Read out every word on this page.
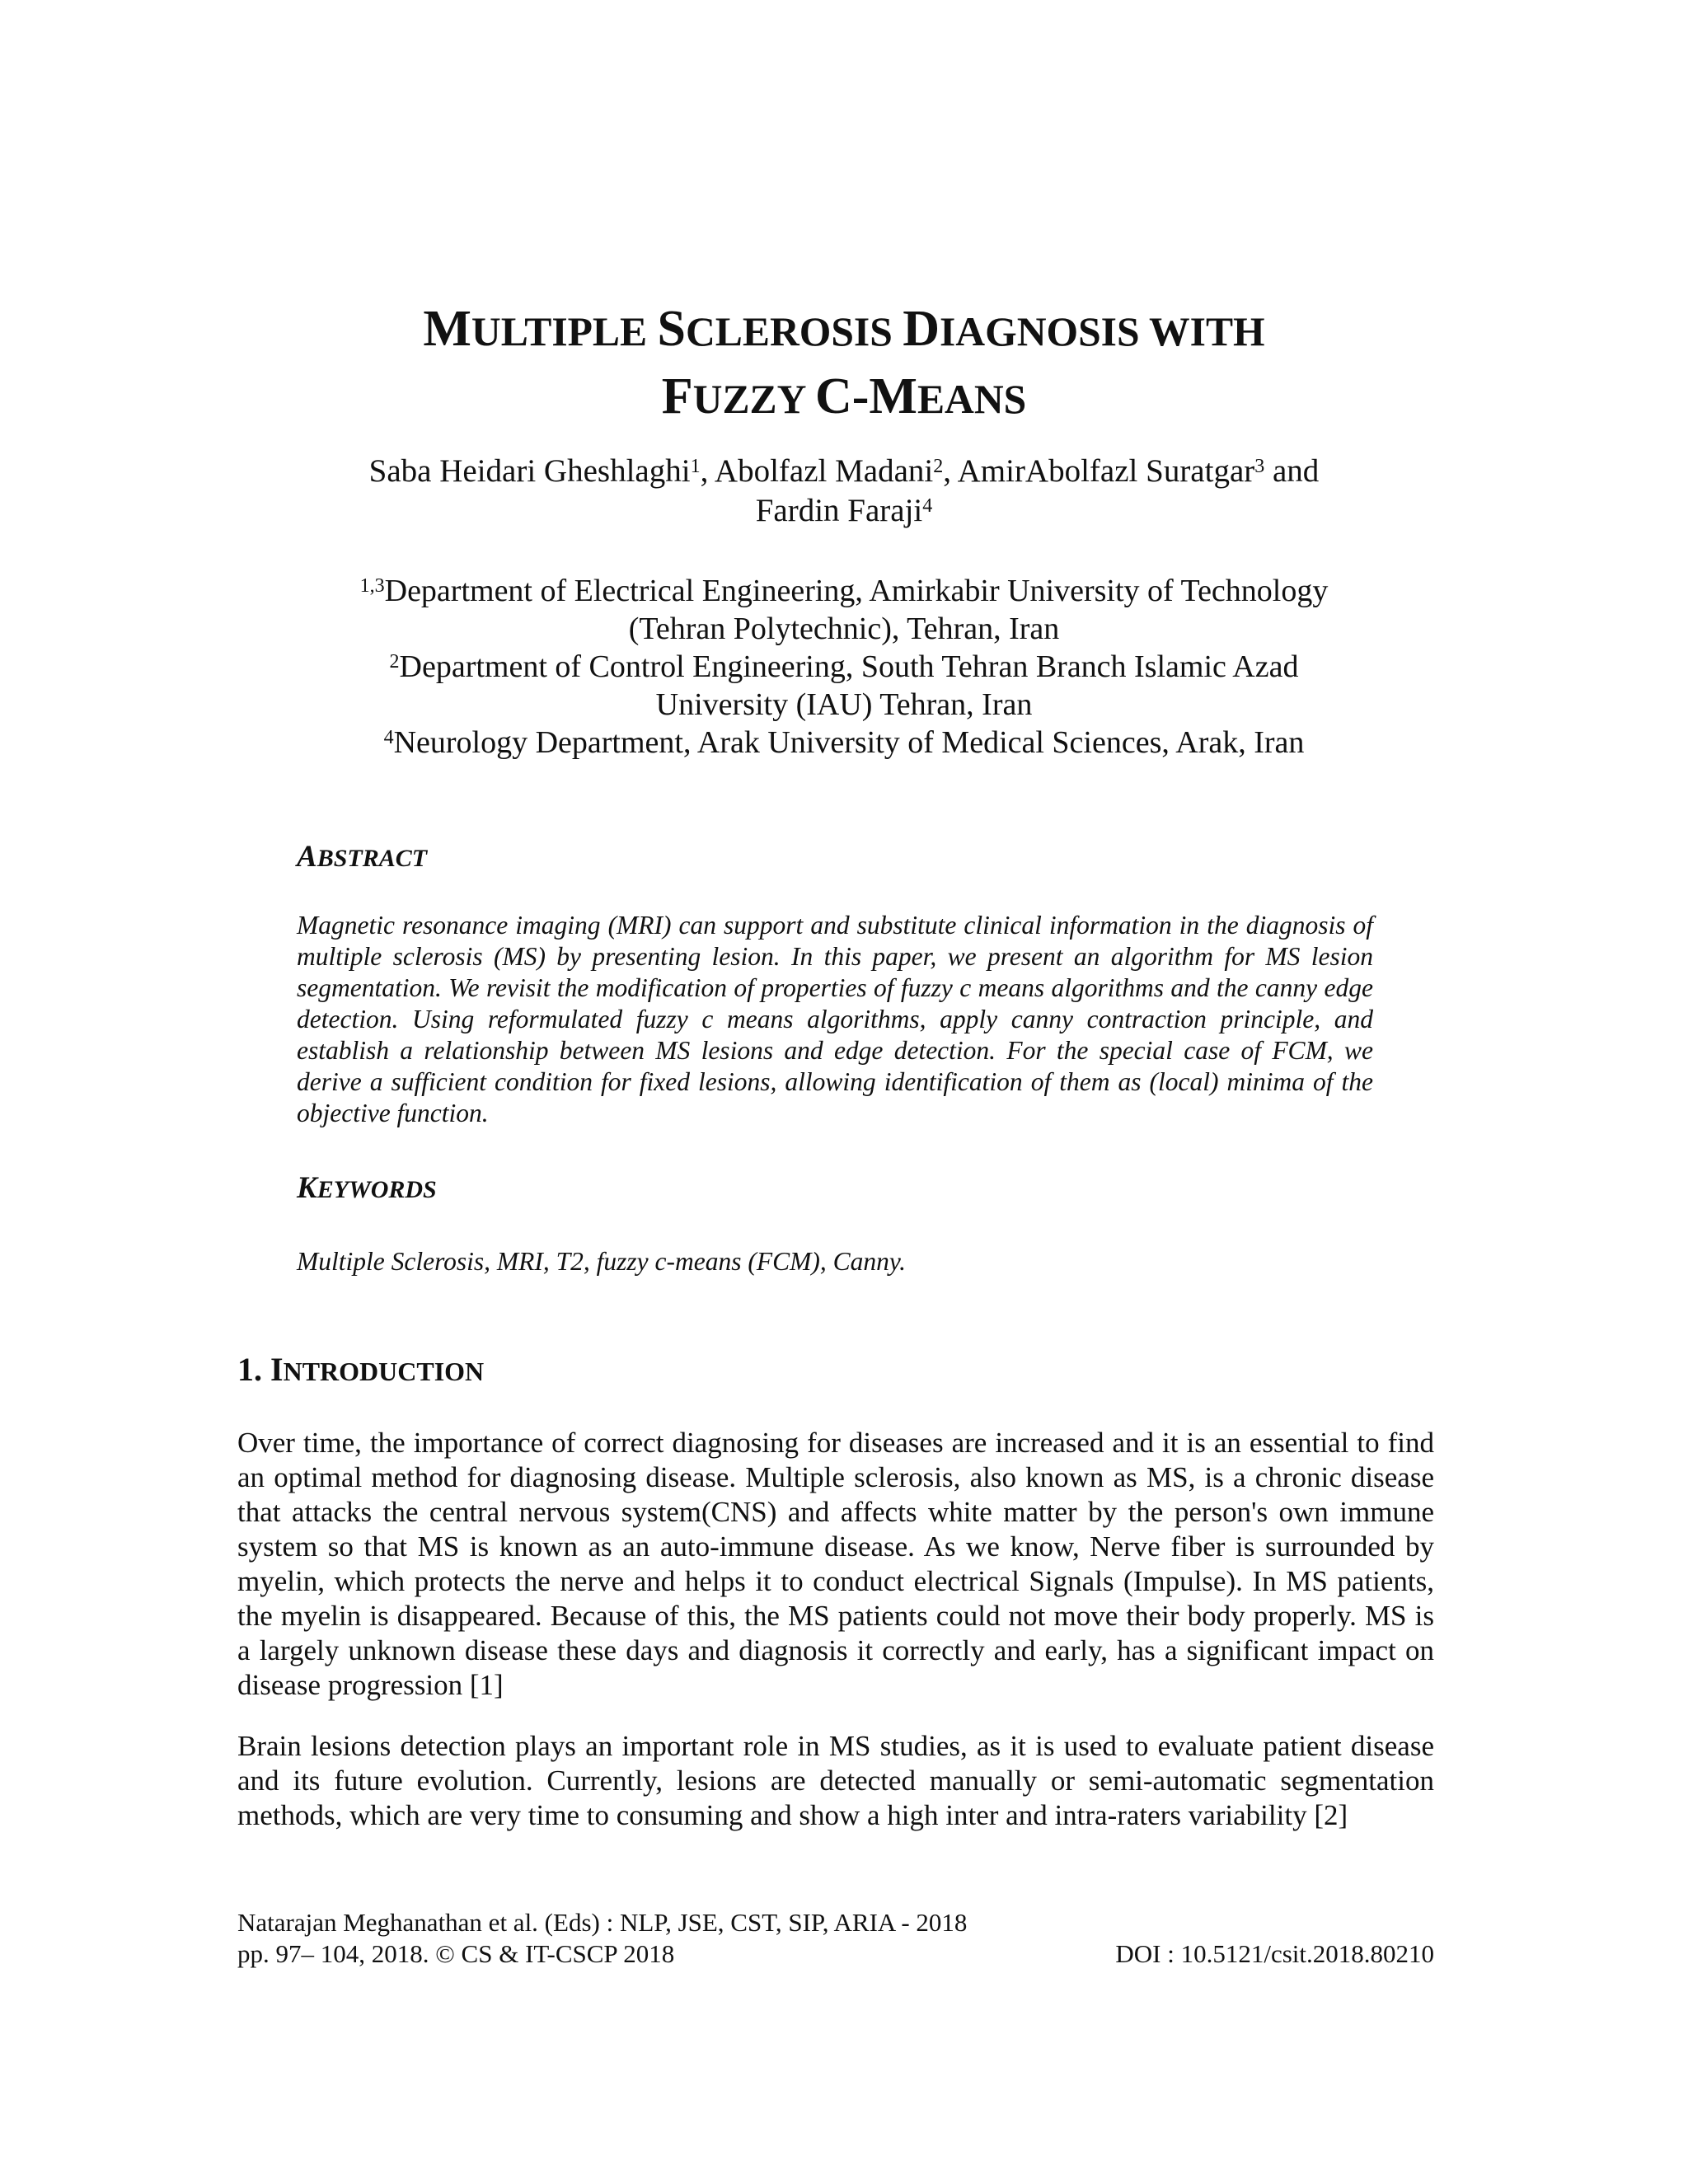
MULTIPLE SCLEROSIS DIAGNOSIS WITH
FUZZY C-MEANS
Saba Heidari Gheshlaghi$^1$, Abolfazl Madani$^2$, AmirAbolfazl Suratgar$^3$ and
Fardin Faraji$^4$
$^{1,3}$Department of Electrical Engineering, Amirkabir University of Technology
(Tehran Polytechnic), Tehran, Iran
$^2$Department of Control Engineering, South Tehran Branch Islamic Azad
University (IAU) Tehran, Iran
$^4$Neurology Department, Arak University of Medical Sciences, Arak, Iran
ABSTRACT

Magnetic resonance imaging (MRI) can support and substitute clinical information in the diagnosis of multiple sclerosis (MS) by presenting lesion. In this paper, we present an algorithm for MS lesion segmentation. We revisit the modification of properties of fuzzy c means algorithms and the canny edge detection. Using reformulated fuzzy c means algorithms, apply canny contraction principle, and establish a relationship between MS lesions and edge detection. For the special case of FCM, we derive a sufficient condition for fixed lesions, allowing identification of them as (local) minima of the objective function.

KEYWORDS

Multiple Sclerosis, MRI, T2, fuzzy c-means (FCM), Canny.

1. INTRODUCTION

Over time, the importance of correct diagnosing for diseases are increased and it is an essential to find an optimal method for diagnosing disease. Multiple sclerosis, also known as MS, is a chronic disease that attacks the central nervous system(CNS) and affects white matter by the person's own immune system so that MS is known as an auto-immune disease. As we know, Nerve fiber is surrounded by myelin, which protects the nerve and helps it to conduct electrical Signals (Impulse). In MS patients, the myelin is disappeared. Because of this, the MS patients could not move their body properly. MS is a largely unknown disease these days and diagnosis it correctly and early, has a significant impact on disease progression [1]

Brain lesions detection plays an important role in MS studies, as it is used to evaluate patient disease and its future evolution. Currently, lesions are detected manually or semi-automatic segmentation methods, which are very time to consuming and show a high inter and intra-raters variability [2]

Natarajan Meghanathan et al. (Eds) : NLP, JSE, CST, SIP, ARIA - 2018
pp. 97– 104, 2018. © CS & IT-CSCP 2018	DOI : 10.5121/csit.2018.80210
